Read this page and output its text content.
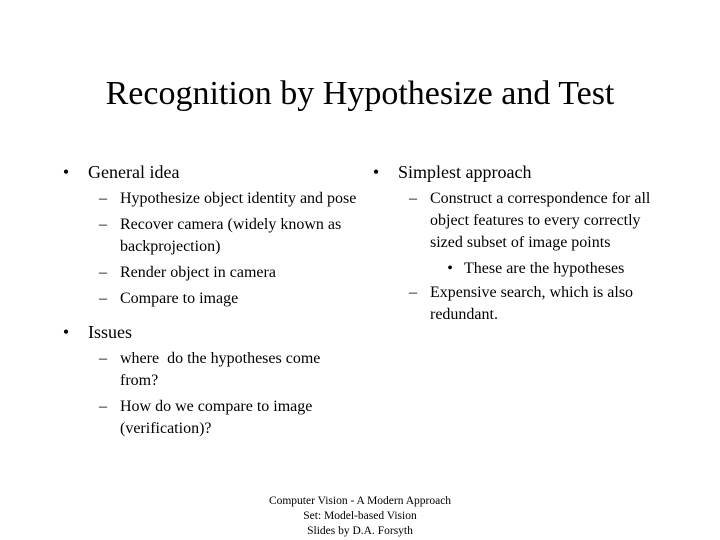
Recognition by Hypothesize and Test
• General idea
– Hypothesize object identity and pose
– Recover camera (widely known as backprojection)
– Render object in camera
– Compare to image
• Issues
– where  do the hypotheses come from?
– How do we compare to image (verification)?
• Simplest approach
– Construct a correspondence for all object features to every correctly sized subset of image points
• These are the hypotheses
– Expensive search, which is also redundant.
Computer Vision - A Modern Approach
Set: Model-based Vision
Slides by D.A. Forsyth
